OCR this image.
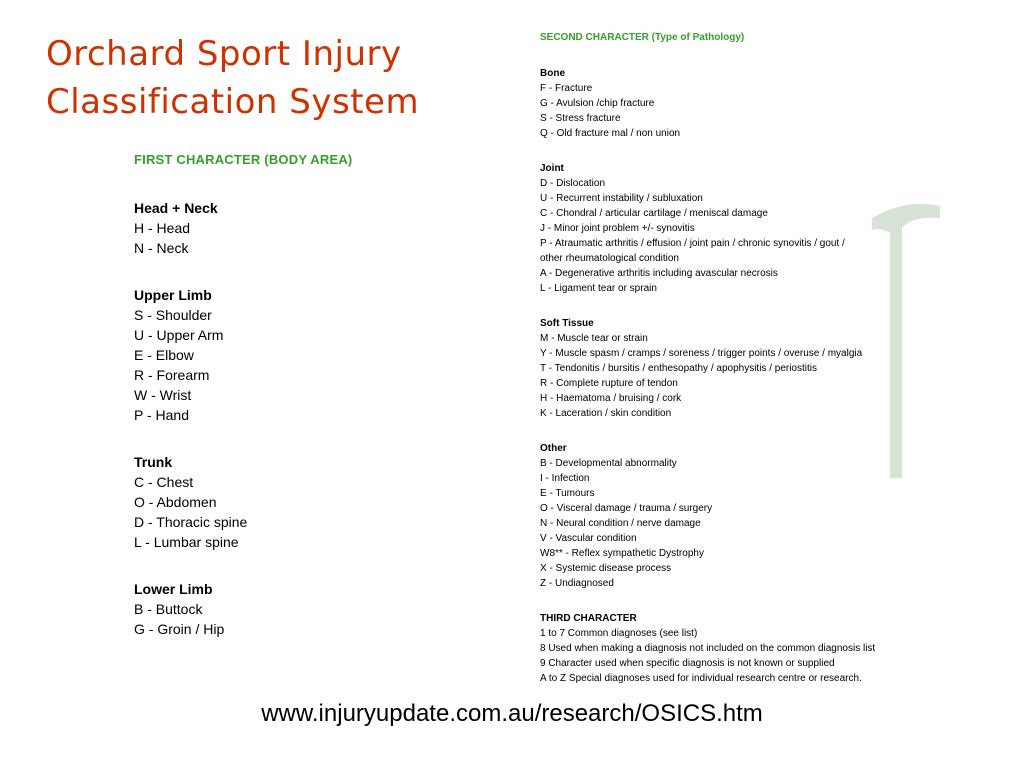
Orchard Sport Injury
Classification System
FIRST CHARACTER (BODY AREA)
Head + Neck
H - Head
N - Neck
Upper Limb
S - Shoulder
U - Upper Arm
E - Elbow
R - Forearm
W - Wrist
P - Hand
Trunk
C - Chest
O - Abdomen
D - Thoracic spine
L - Lumbar spine
Lower Limb
B - Buttock
G - Groin / Hip
SECOND CHARACTER (Type of Pathology)
Bone
F - Fracture
G - Avulsion /chip fracture
S - Stress fracture
Q - Old fracture mal / non union
Joint
D - Dislocation
U - Recurrent instability / subluxation
C - Chondral / articular cartilage / meniscal damage
J - Minor joint problem +/- synovitis
P - Atraumatic arthritis / effusion / joint pain / chronic synovitis / gout /
other rheumatological condition
A - Degenerative arthritis including avascular necrosis
L - Ligament tear or sprain
Soft Tissue
M - Muscle tear or strain
Y - Muscle spasm / cramps / soreness / trigger points / overuse / myalgia
T - Tendonitis / bursitis / enthesopathy / apophysitis / periostitis
R - Complete rupture of tendon
H - Haematoma / bruising / cork
K - Laceration / skin condition
Other
B - Developmental abnormality
I - Infection
E - Tumours
O - Visceral damage / trauma / surgery
N - Neural condition / nerve damage
V - Vascular condition
W8** - Reflex sympathetic Dystrophy
X - Systemic disease process
Z - Undiagnosed
THIRD CHARACTER
1 to 7 Common diagnoses (see list)
8 Used when making a diagnosis not included on the common diagnosis list
9 Character used when specific diagnosis is not known or supplied
A to Z Special diagnoses used for individual research centre or research.
www.injuryupdate.com.au/research/OSICS.htm
